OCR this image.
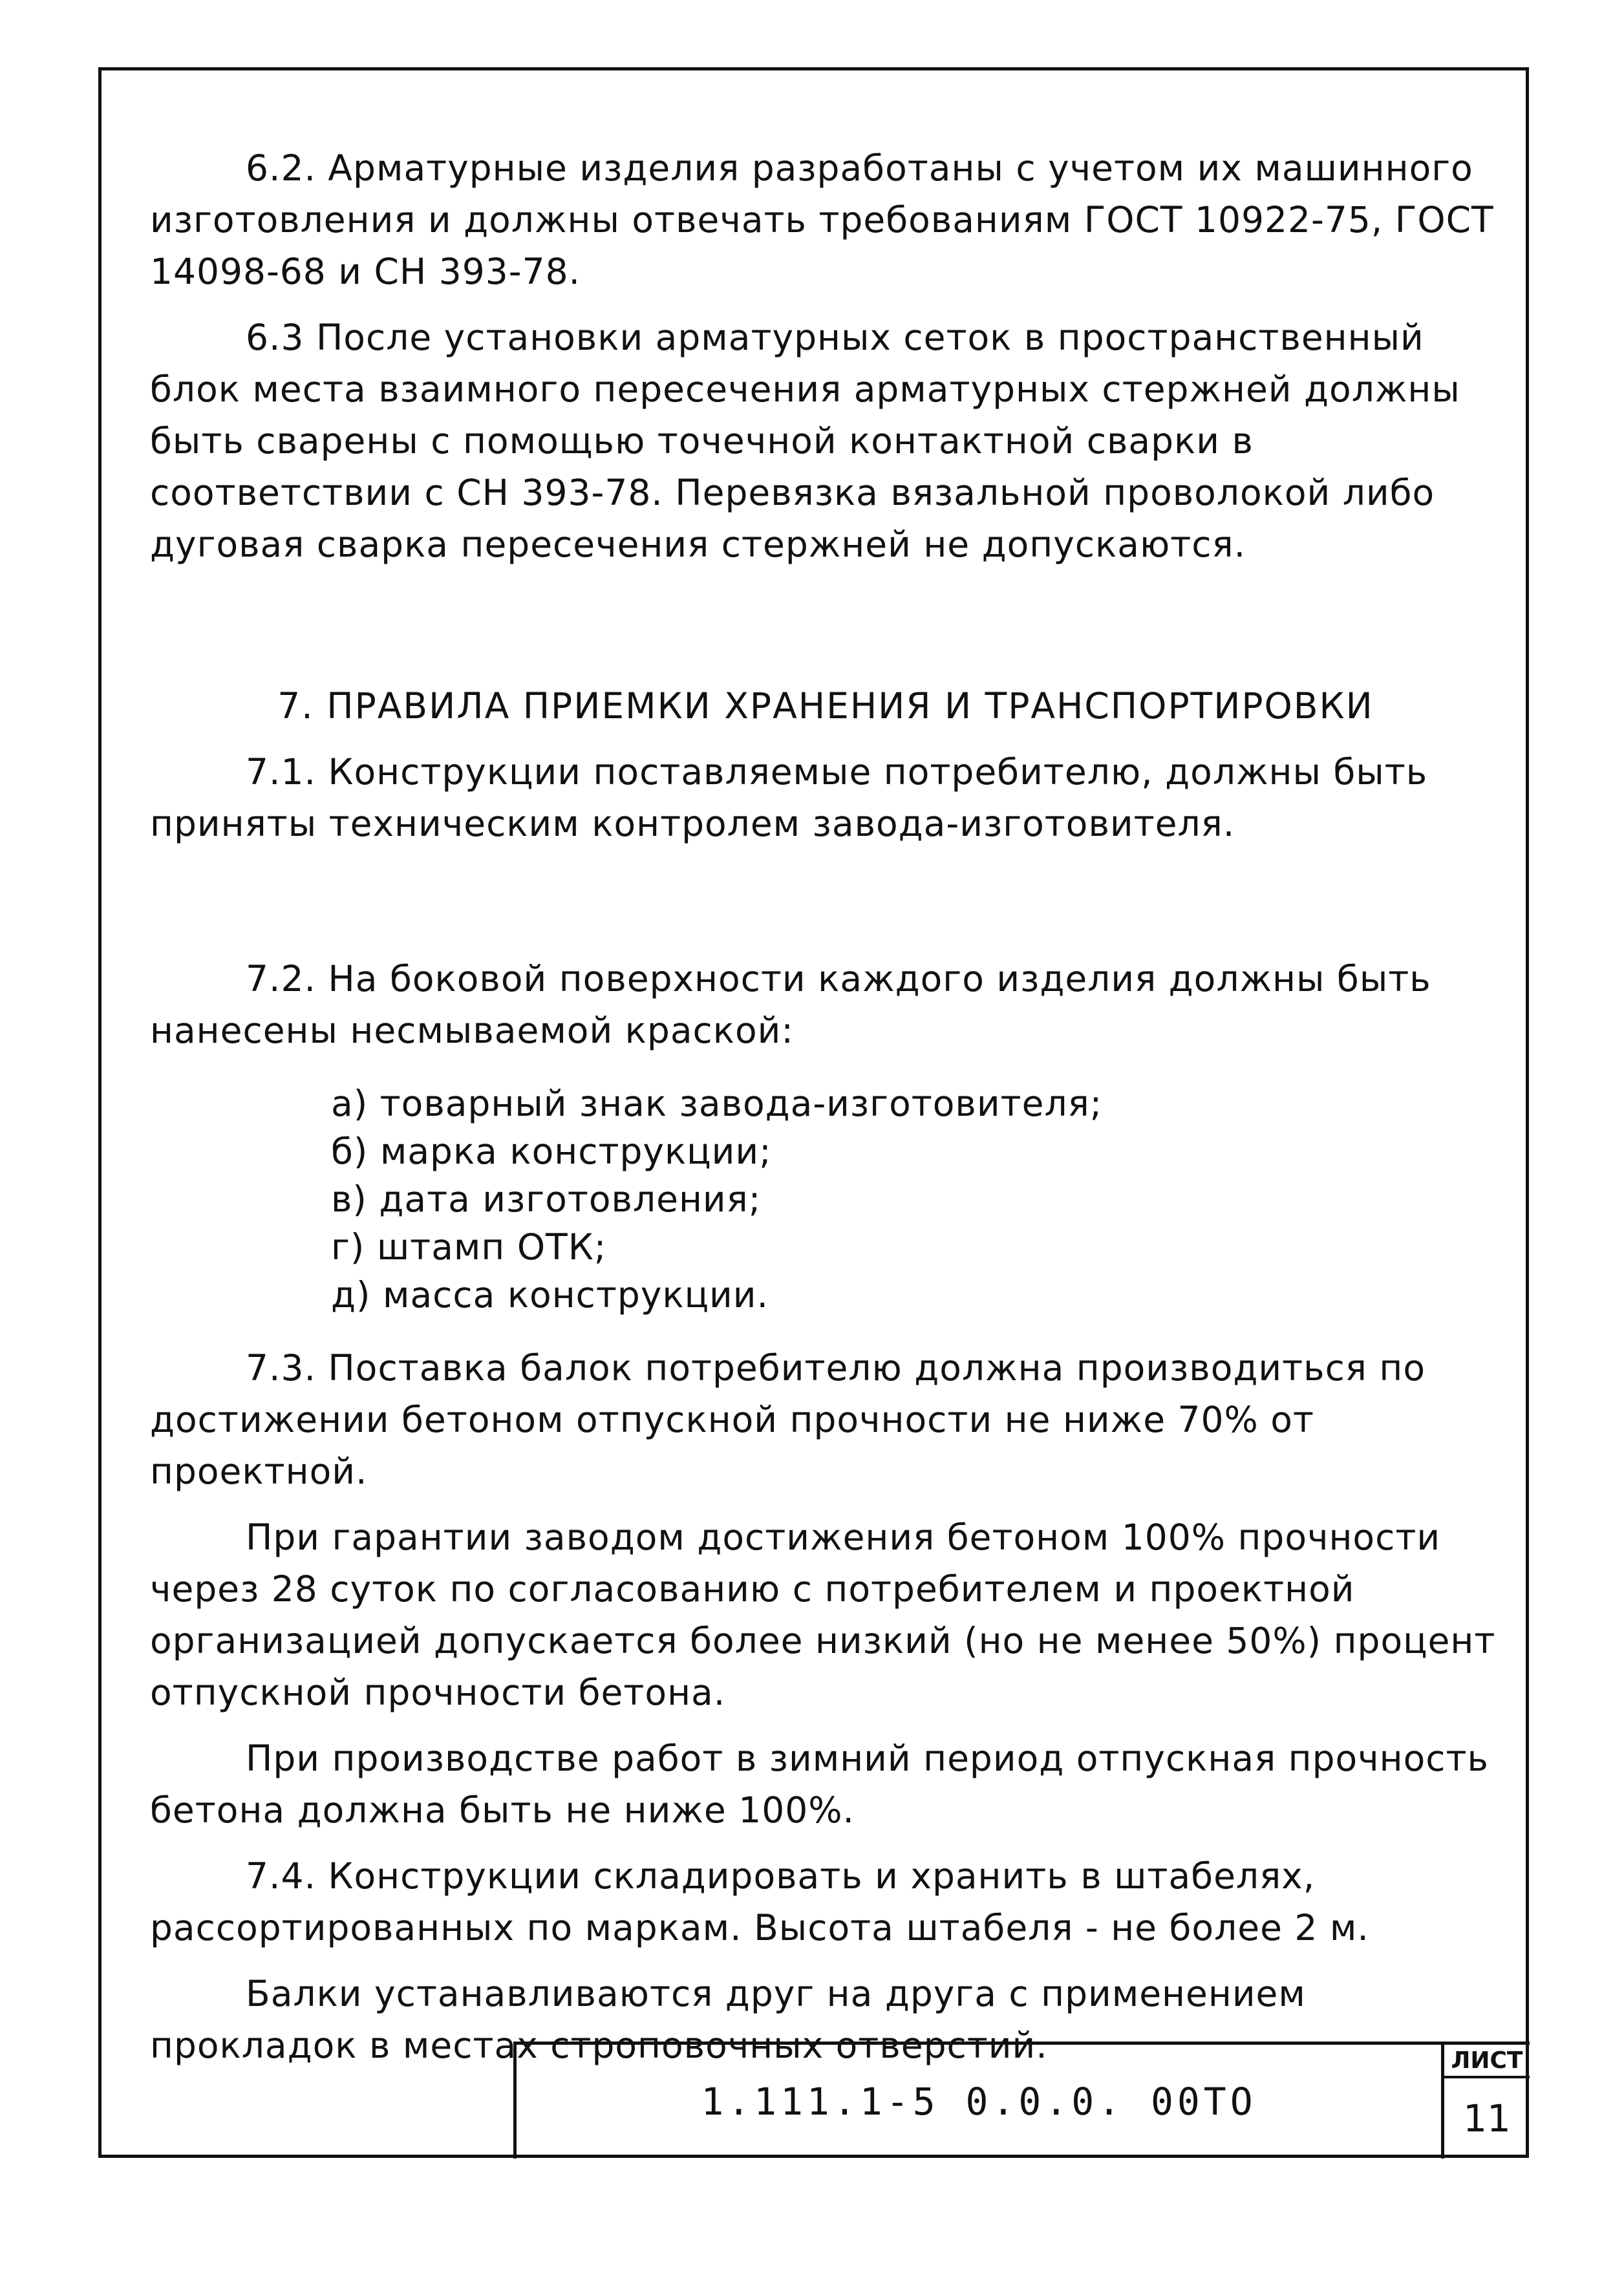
6.2. Арматурные изделия разработаны с учетом их машинного изготовления и должны отвечать требованиям ГОСТ 10922-75, ГОСТ 14098-68 и СН 393-78.

6.3 После установки арматурных сеток в пространственный блок места взаимного пересечения арматурных стержней должны быть сварены с помощью точечной контактной сварки в соответствии с СН 393-78. Перевязка вязальной проволокой либо дуговая сварка пересечения стержней не допускаются.

7. ПРАВИЛА ПРИЕМКИ ХРАНЕНИЯ И ТРАНСПОРТИРОВКИ

7.1. Конструкции поставляемые потребителю, должны быть приняты техническим контролем завода-изготовителя.

7.2. На боковой поверхности каждого изделия должны быть нанесены несмываемой краской:

а) товарный знак завода-изготовителя;
б) марка конструкции;
в) дата изготовления;
г) штамп ОТК;
д) масса конструкции.

7.3. Поставка балок потребителю должна производиться по достижении бетоном отпускной прочности не ниже 70% от проектной.

При гарантии заводом достижения бетоном 100% прочности через 28 суток по согласованию с потребителем и проектной организацией допускается более низкий (но не менее 50%) процент отпускной прочности бетона.

При производстве работ в зимний период отпускная прочность бетона должна быть не ниже 100%.

7.4. Конструкции складировать и хранить в штабелях, рассортированных по маркам. Высота штабеля - не более 2 м.

Балки устанавливаются друг на друга с применением прокладок в местах строповочных отверстий.

1.111.1-5 0.0.0. 00ТО
ЛИСТ
11
